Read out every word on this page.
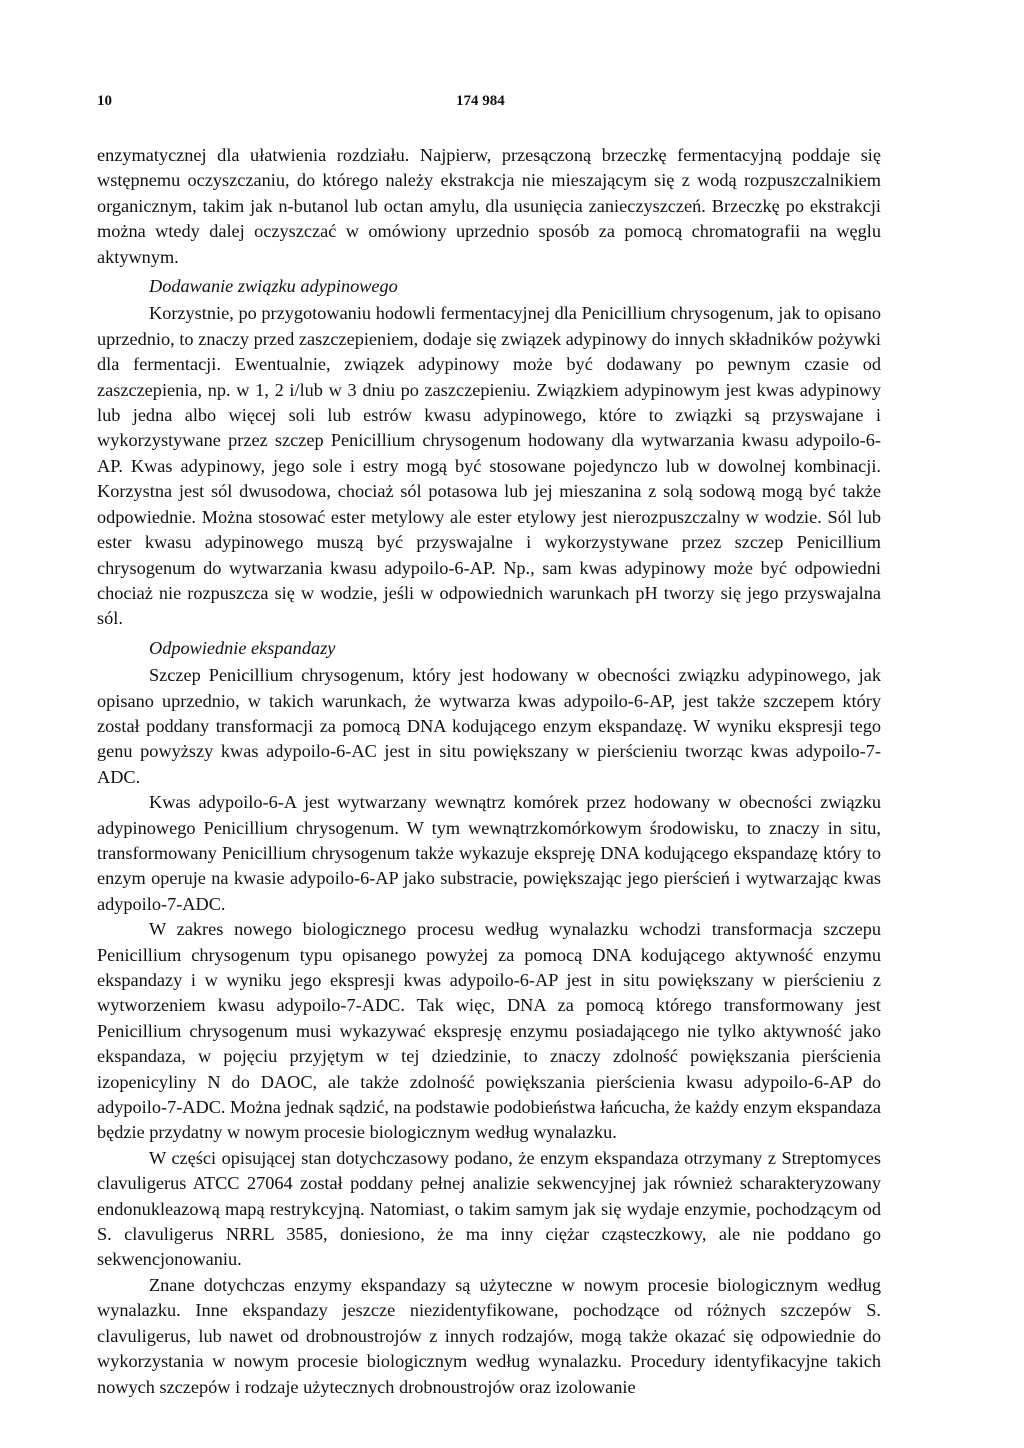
10	174 984

enzymatycznej dla ułatwienia rozdziału. Najpierw, przesączoną brzeczkę fermentacyjną poddaje się wstępnemu oczyszczaniu, do którego należy ekstrakcja nie mieszającym się z wodą rozpuszczalnikiem organicznym, takim jak n-butanol lub octan amylu, dla usunięcia zanieczyszczeń. Brzeczkę po ekstrakcji można wtedy dalej oczyszczać w omówiony uprzednio sposób za pomocą chromatografii na węglu aktywnym.

Dodawanie związku adypinowego

Korzystnie, po przygotowaniu hodowli fermentacyjnej dla Penicillium chrysogenum, jak to opisano uprzednio, to znaczy przed zaszczepieniem, dodaje się związek adypinowy do innych składników pożywki dla fermentacji. Ewentualnie, związek adypinowy może być dodawany po pewnym czasie od zaszczepienia, np. w 1, 2 i/lub w 3 dniu po zaszczepieniu. Związkiem adypinowym jest kwas adypinowy lub jedna albo więcej soli lub estrów kwasu adypinowego, które to związki są przyswajane i wykorzystywane przez szczep Penicillium chrysogenum hodowany dla wytwarzania kwasu adypoilo-6-AP. Kwas adypinowy, jego sole i estry mogą być stosowane pojedynczo lub w dowolnej kombinacji. Korzystna jest sól dwusodowa, chociaż sól potasowa lub jej mieszanina z solą sodową mogą być także odpowiednie. Można stosować ester metylowy ale ester etylowy jest nierozpuszczalny w wodzie. Sól lub ester kwasu adypinowego muszą być przyswajalne i wykorzystywane przez szczep Penicillium chrysogenum do wytwarzania kwasu adypoilo-6-AP. Np., sam kwas adypinowy może być odpowiedni chociaż nie rozpuszcza się w wodzie, jeśli w odpowiednich warunkach pH tworzy się jego przyswajalna sól.

Odpowiednie ekspandazy

Szczep Penicillium chrysogenum, który jest hodowany w obecności związku adypinowego, jak opisano uprzednio, w takich warunkach, że wytwarza kwas adypoilo-6-AP, jest także szczepem który został poddany transformacji za pomocą DNA kodującego enzym ekspandazę. W wyniku ekspresji tego genu powyższy kwas adypoilo-6-AC jest in situ powiększany w pierścieniu tworząc kwas adypoilo-7-ADC.

Kwas adypoilo-6-A jest wytwarzany wewnątrz komórek przez hodowany w obecności związku adypinowego Penicillium chrysogenum. W tym wewnątrzkomórkowym środowisku, to znaczy in situ, transformowany Penicillium chrysogenum także wykazuje ekspreję DNA kodującego ekspandazę który to enzym operuje na kwasie adypoilo-6-AP jako substracie, powiększając jego pierścień i wytwarzając kwas adypoilo-7-ADC.

W zakres nowego biologicznego procesu według wynalazku wchodzi transformacja szczepu Penicillium chrysogenum typu opisanego powyżej za pomocą DNA kodującego aktywność enzymu ekspandazy i w wyniku jego ekspresji kwas adypoilo-6-AP jest in situ powiększany w pierścieniu z wytworzeniem kwasu adypoilo-7-ADC. Tak więc, DNA za pomocą którego transformowany jest Penicillium chrysogenum musi wykazywać ekspresję enzymu posiadającego nie tylko aktywność jako ekspandaza, w pojęciu przyjętym w tej dziedzinie, to znaczy zdolność powiększania pierścienia izopenicyliny N do DAOC, ale także zdolność powiększania pierścienia kwasu adypoilo-6-AP do adypoilo-7-ADC. Można jednak sądzić, na podstawie podobieństwa łańcucha, że każdy enzym ekspandaza będzie przydatny w nowym procesie biologicznym według wynalazku.

W części opisującej stan dotychczasowy podano, że enzym ekspandaza otrzymany z Streptomyces clavuligerus ATCC 27064 został poddany pełnej analizie sekwencyjnej jak również scharakteryzowany endonukleazową mapą restrykcyjną. Natomiast, o takim samym jak się wydaje enzymie, pochodzącym od S. clavuligerus NRRL 3585, doniesiono, że ma inny ciężar cząsteczkowy, ale nie poddano go sekwencjonowaniu.

Znane dotychczas enzymy ekspandazy są użyteczne w nowym procesie biologicznym według wynalazku. Inne ekspandazy jeszcze niezidentyfikowane, pochodzące od różnych szczepów S. clavuligerus, lub nawet od drobnoustrojów z innych rodzajów, mogą także okazać się odpowiednie do wykorzystania w nowym procesie biologicznym według wynalazku. Procedury identyfikacyjne takich nowych szczepów i rodzaje użytecznych drobnoustrojów oraz izolowanie
